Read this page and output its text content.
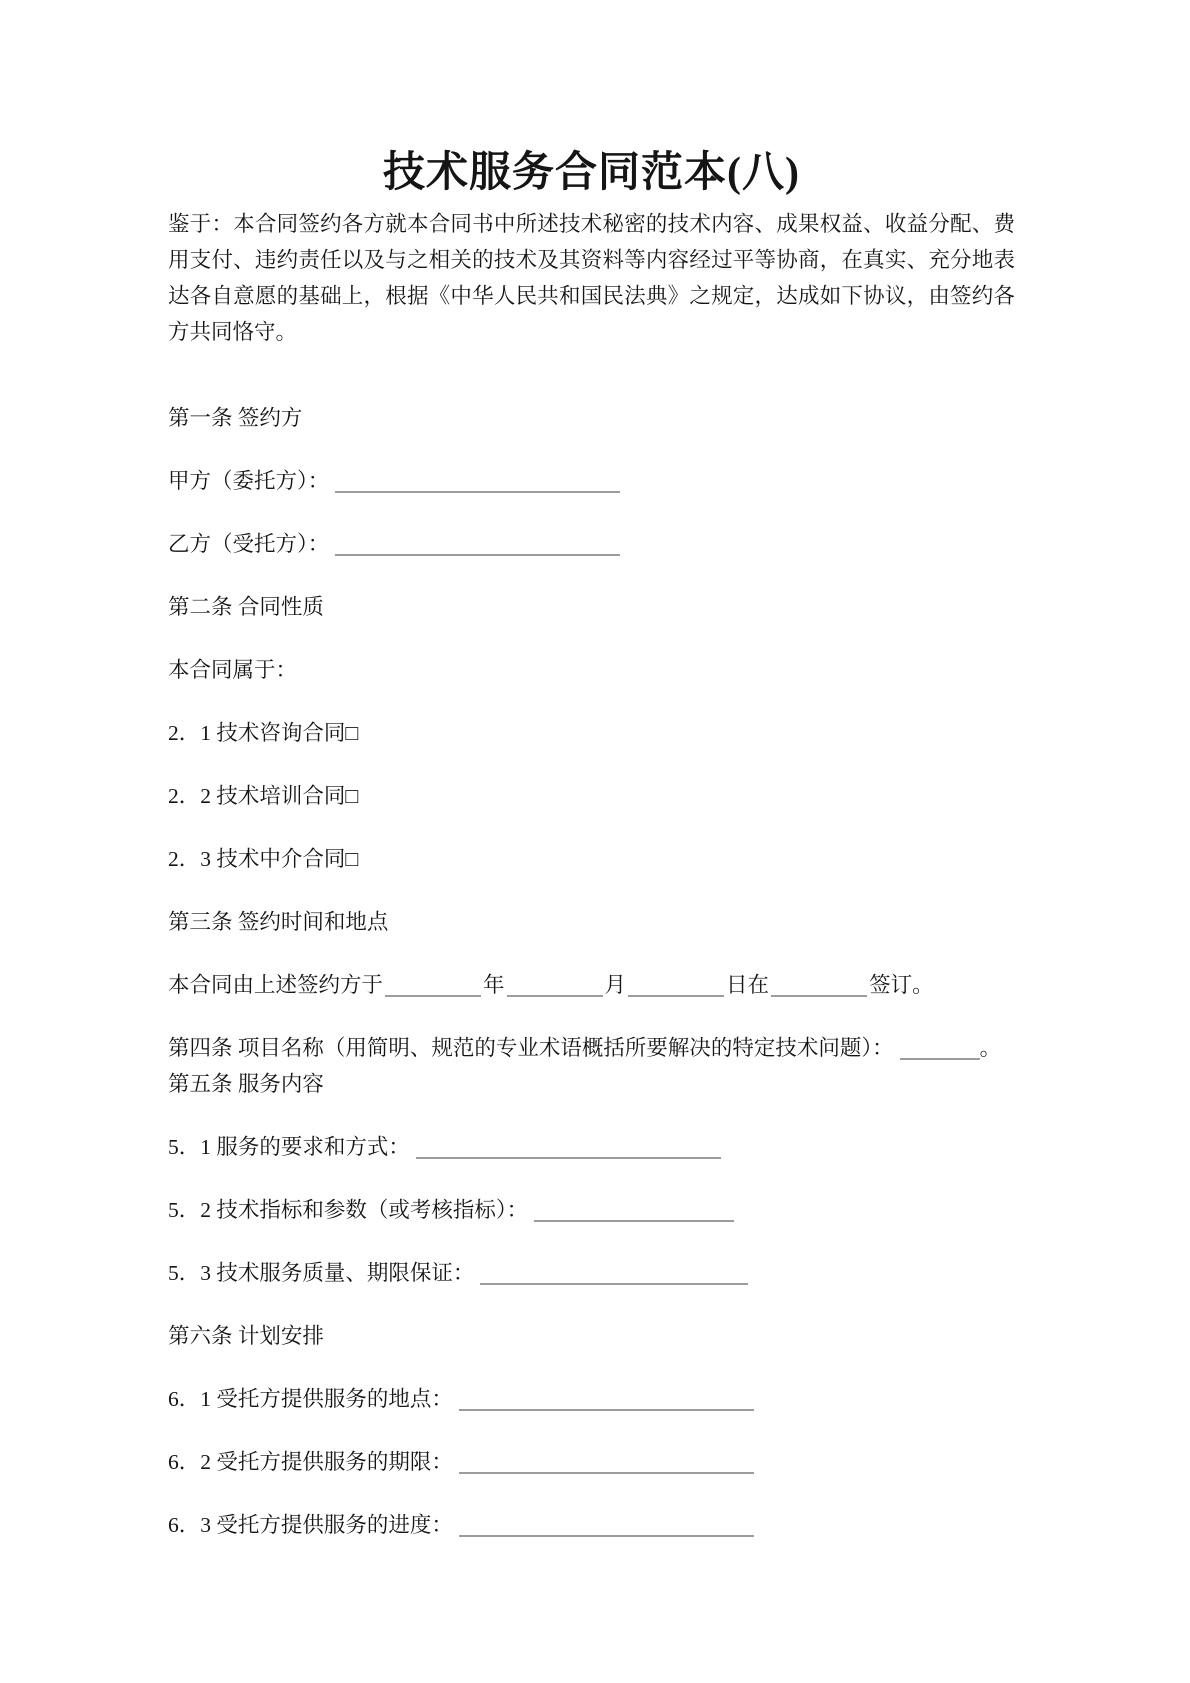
技术服务合同范本(八)

鉴于：本合同签约各方就本合同书中所述技术秘密的技术内容、成果权益、收益分配、费用支付、违约责任以及与之相关的技术及其资料等内容经过平等协商，在真实、充分地表达各自意愿的基础上，根据《中华人民共和国民法典》之规定，达成如下协议，由签约各方共同恪守。

第一条 签约方

甲方（委托方）：

乙方（受托方）：

第二条 合同性质

本合同属于：

2．1 技术咨询合同□

2．2 技术培训合同□

2．3 技术中介合同□

第三条 签约时间和地点

本合同由上述签约方于	年	月	日在	签订。

第四条 项目名称（用简明、规范的专业术语概括所要解决的特定技术问题）：	。

第五条 服务内容

5．1 服务的要求和方式：

5．2 技术指标和参数（或考核指标）：

5．3 技术服务质量、期限保证：

第六条 计划安排

6．1 受托方提供服务的地点：

6．2 受托方提供服务的期限：

6．3 受托方提供服务的进度：
